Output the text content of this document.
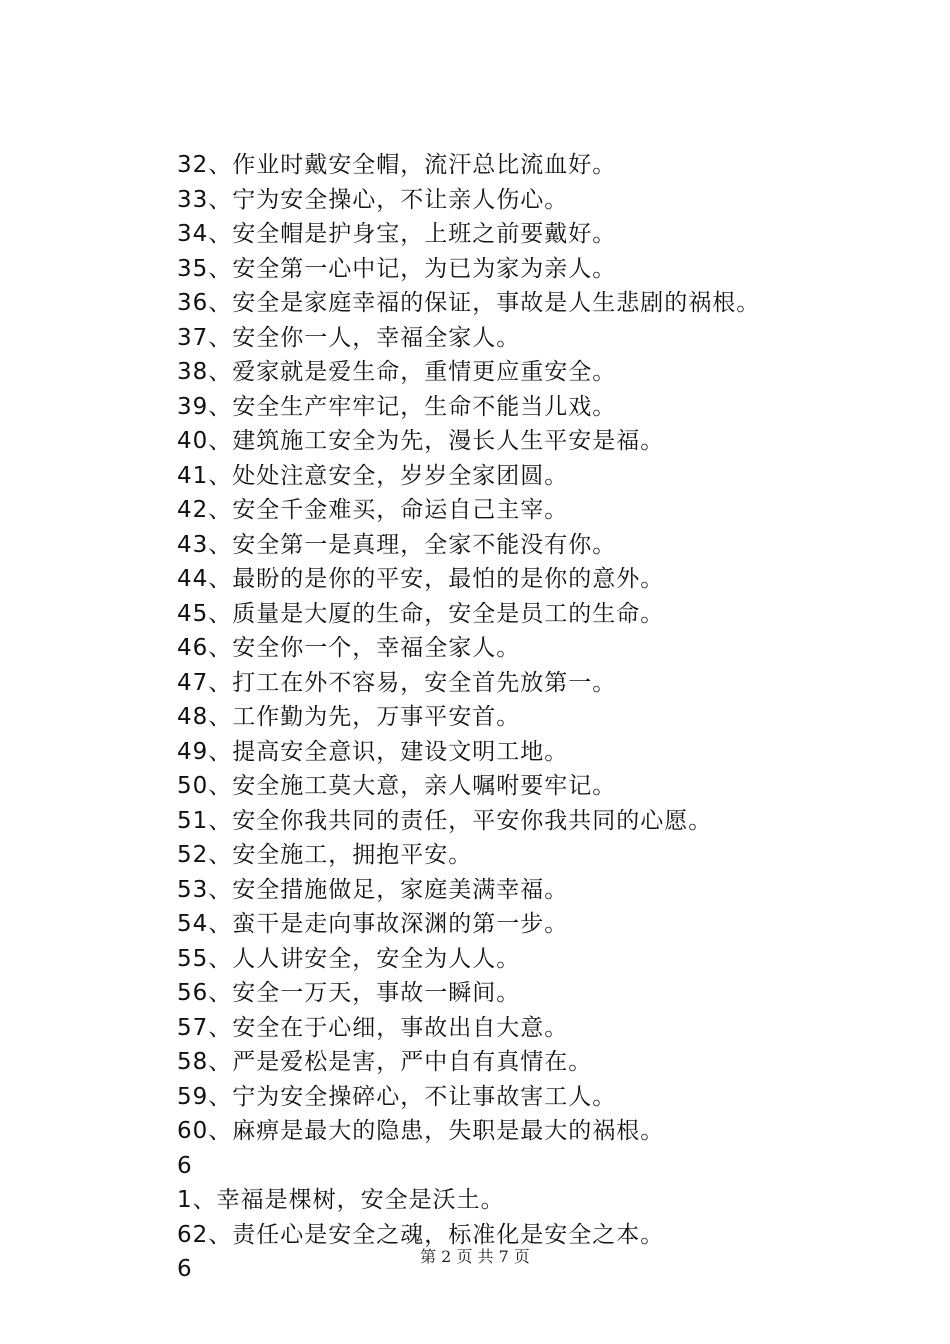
32、作业时戴安全帽，流汗总比流血好。
33、宁为安全操心，不让亲人伤心。
34、安全帽是护身宝，上班之前要戴好。
35、安全第一心中记，为已为家为亲人。
36、安全是家庭幸福的保证，事故是人生悲剧的祸根。
37、安全你一人，幸福全家人。
38、爱家就是爱生命，重情更应重安全。
39、安全生产牢牢记，生命不能当儿戏。
40、建筑施工安全为先，漫长人生平安是福。
41、处处注意安全，岁岁全家团圆。
42、安全千金难买，命运自己主宰。
43、安全第一是真理，全家不能没有你。
44、最盼的是你的平安，最怕的是你的意外。
45、质量是大厦的生命，安全是员工的生命。
46、安全你一个，幸福全家人。
47、打工在外不容易，安全首先放第一。
48、工作勤为先，万事平安首。
49、提高安全意识，建设文明工地。
50、安全施工莫大意，亲人嘱咐要牢记。
51、安全你我共同的责任，平安你我共同的心愿。
52、安全施工，拥抱平安。
53、安全措施做足，家庭美满幸福。
54、蛮干是走向事故深渊的第一步。
55、人人讲安全，安全为人人。
56、安全一万天，事故一瞬间。
57、安全在于心细，事故出自大意。
58、严是爱松是害，严中自有真情在。
59、宁为安全操碎心，不让事故害工人。
60、麻痹是最大的隐患，失职是最大的祸根。
6
1、幸福是棵树，安全是沃土。
62、责任心是安全之魂，标准化是安全之本。
6	第 2 页 共 7 页
